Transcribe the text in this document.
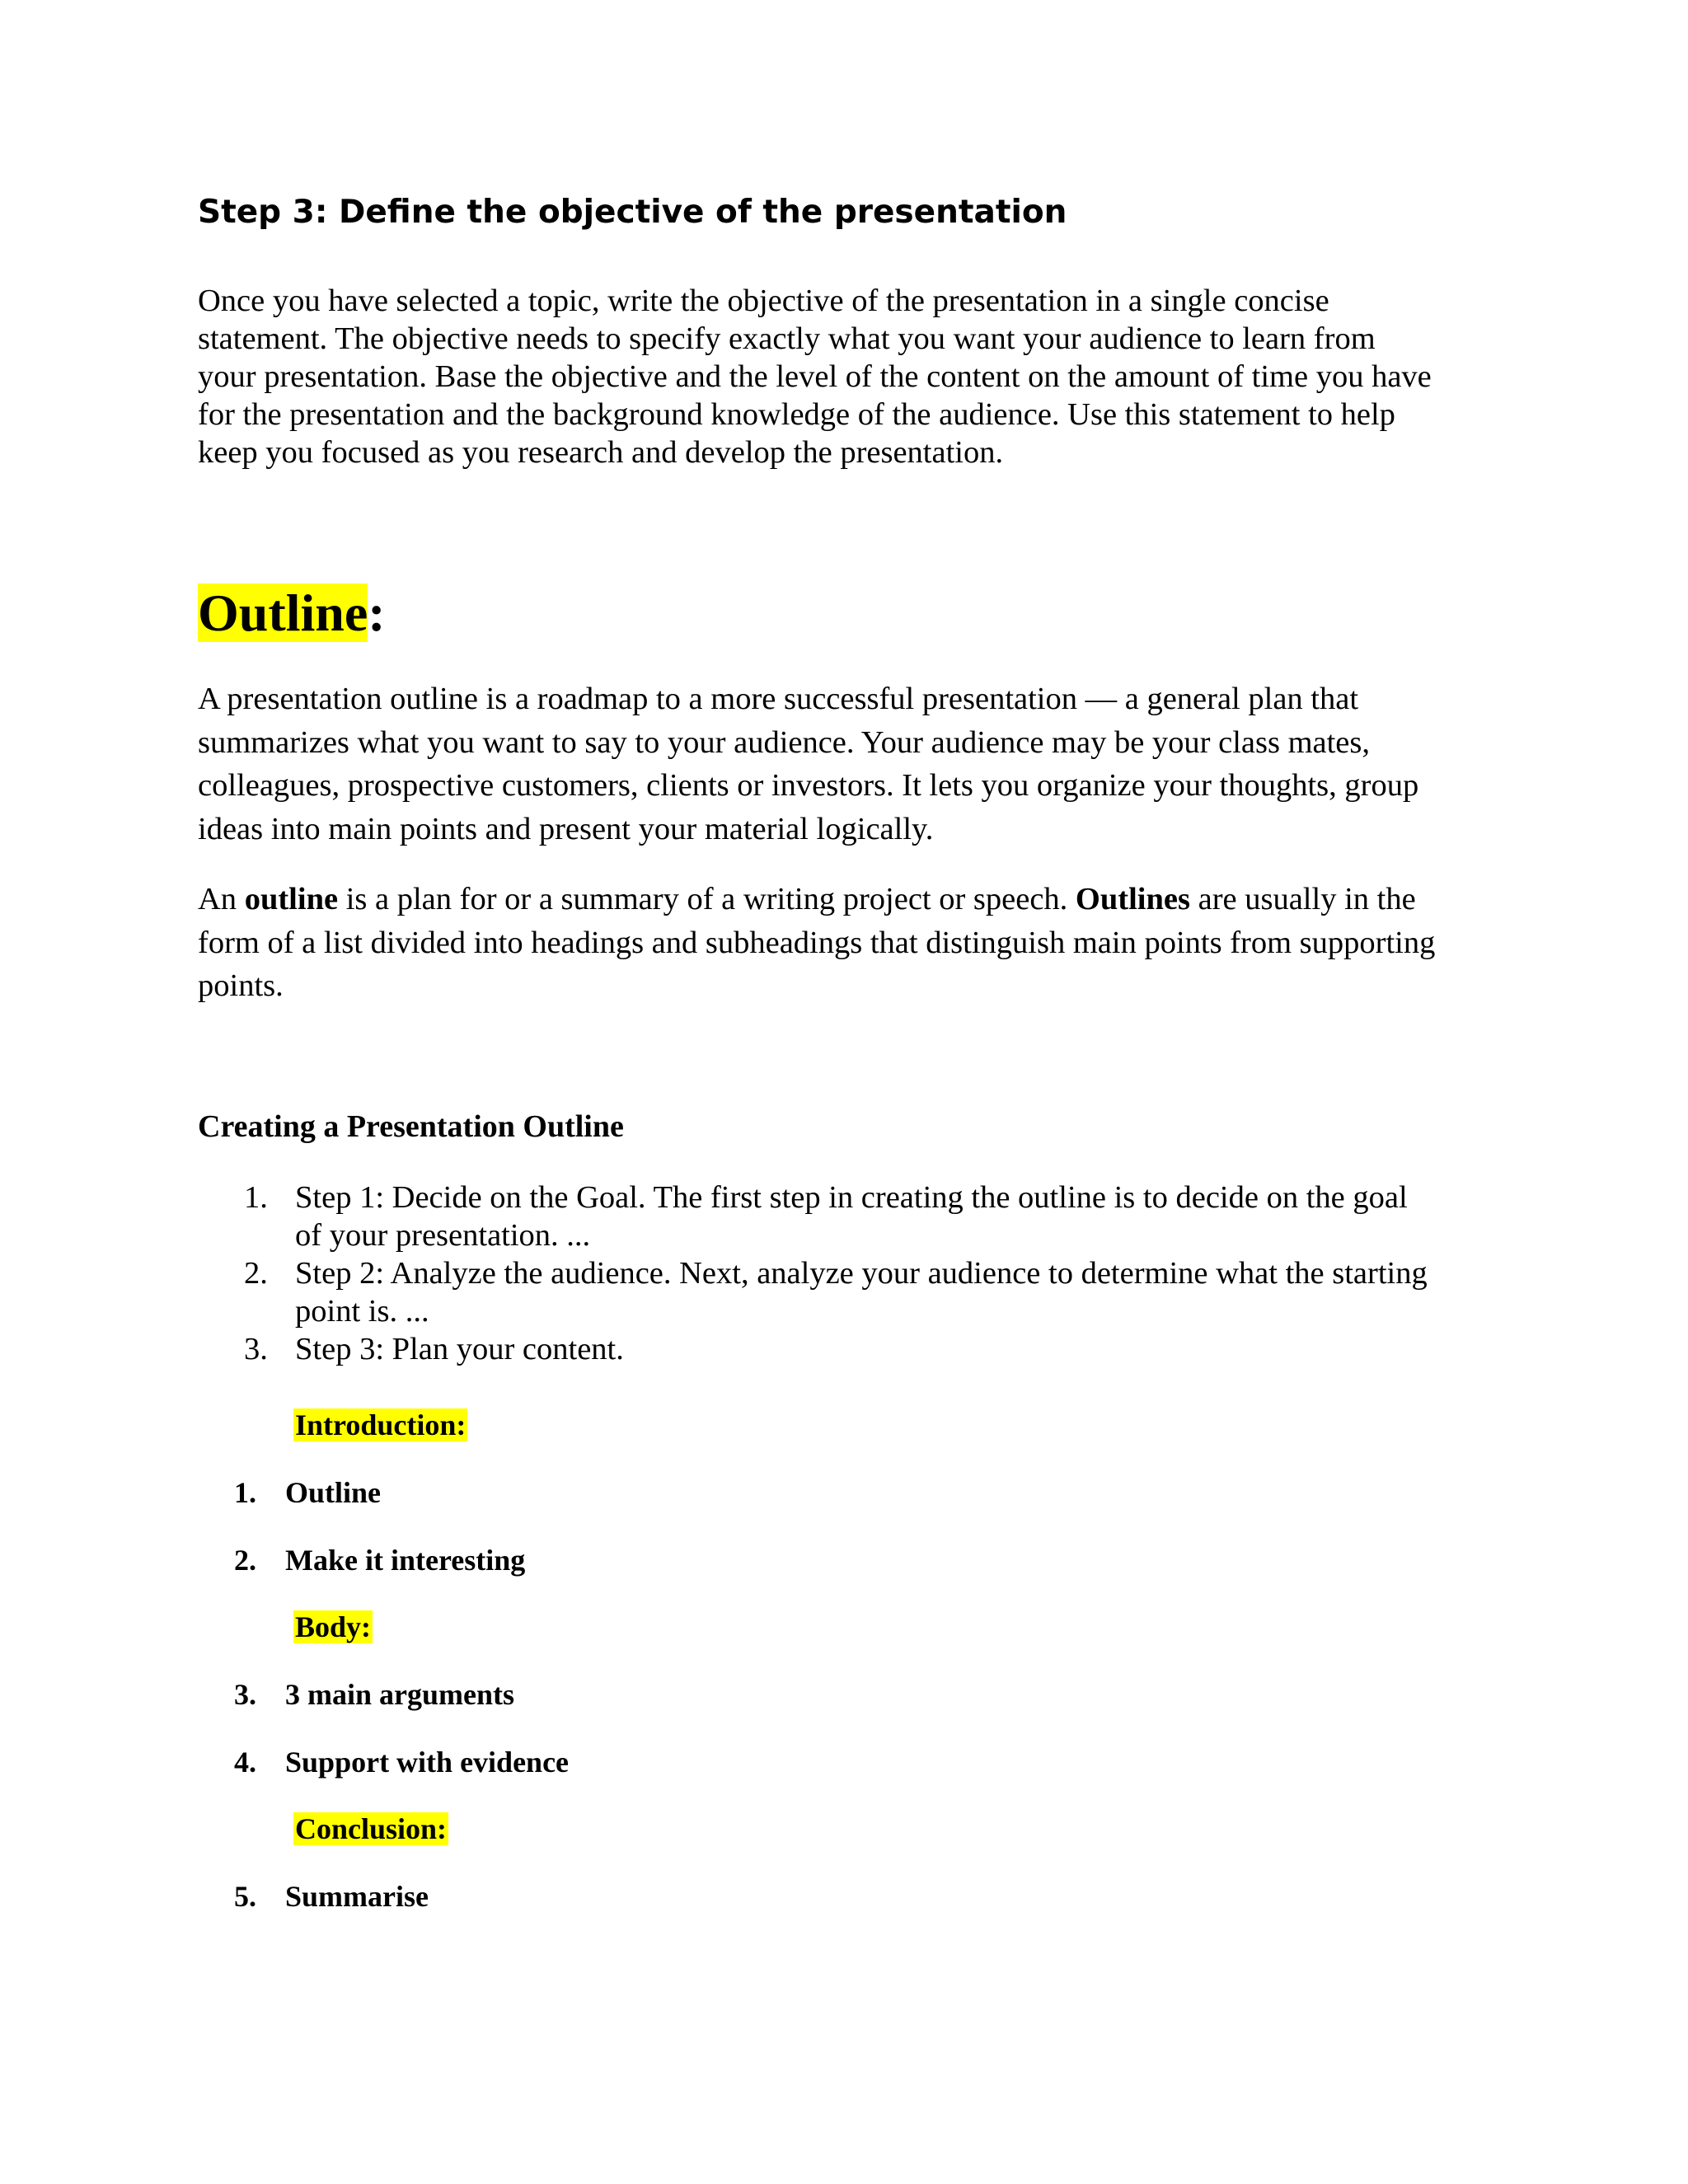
Step 3: Define the objective of the presentation

Once you have selected a topic, write the objective of the presentation in a single concise
statement. The objective needs to specify exactly what you want your audience to learn from
your presentation. Base the objective and the level of the content on the amount of time you have
for the presentation and the background knowledge of the audience. Use this statement to help
keep you focused as you research and develop the presentation.

Outline:

A presentation outline is a roadmap to a more successful presentation — a general plan that
summarizes what you want to say to your audience. Your audience may be your class mates,
colleagues, prospective customers, clients or investors. It lets you organize your thoughts, group
ideas into main points and present your material logically.

An outline is a plan for or a summary of a writing project or speech. Outlines are usually in the
form of a list divided into headings and subheadings that distinguish main points from supporting
points.

Creating a Presentation Outline
1. Step 1: Decide on the Goal. The first step in creating the outline is to decide on the goal
of your presentation. ...
2. Step 2: Analyze the audience. Next, analyze your audience to determine what the starting
point is. ...
3. Step 3: Plan your content.
Introduction:
1. Outline
2. Make it interesting
Body:
3. 3 main arguments
4. Support with evidence
Conclusion:
5. Summarise
